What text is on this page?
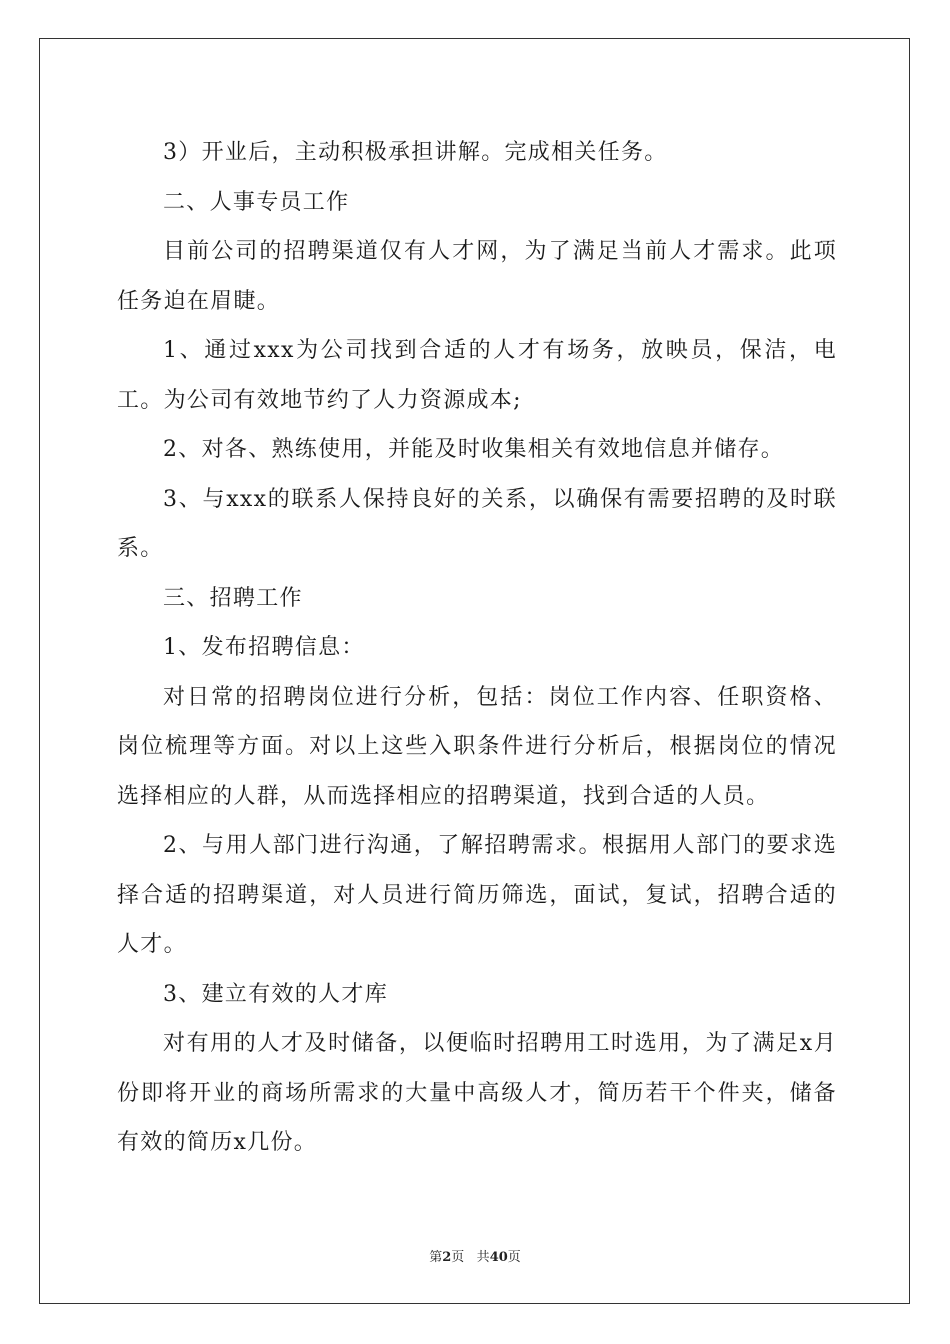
3）开业后，主动积极承担讲解。完成相关任务。

二、人事专员工作

目前公司的招聘渠道仅有人才网，为了满足当前人才需求。此项任务迫在眉睫。

1、通过xxx为公司找到合适的人才有场务，放映员，保洁，电工。为公司有效地节约了人力资源成本;

2、对各、熟练使用，并能及时收集相关有效地信息并储存。

3、与xxx的联系人保持良好的关系，以确保有需要招聘的及时联系。

三、招聘工作

1、发布招聘信息：

对日常的招聘岗位进行分析，包括：岗位工作内容、任职资格、岗位梳理等方面。对以上这些入职条件进行分析后，根据岗位的情况选择相应的人群，从而选择相应的招聘渠道，找到合适的人员。

2、与用人部门进行沟通，了解招聘需求。根据用人部门的要求选择合适的招聘渠道，对人员进行简历筛选，面试，复试，招聘合适的人才。

3、建立有效的人才库

对有用的人才及时储备，以便临时招聘用工时选用，为了满足x月份即将开业的商场所需求的大量中高级人才，简历若干个件夹，储备有效的简历x几份。

第2页 共40页
